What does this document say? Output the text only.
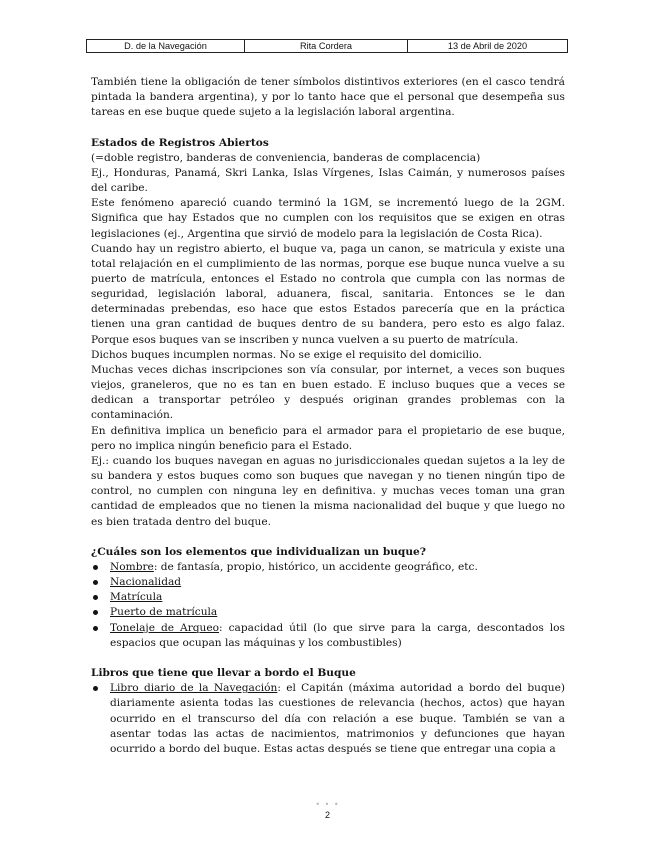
D. de la Navegación	Rita Cordera	13 de Abril de 2020

También tiene la obligación de tener símbolos distintivos exteriores (en el casco tendrá pintada la bandera argentina), y por lo tanto hace que el personal que desempeña sus tareas en ese buque quede sujeto a la legislación laboral argentina.

Estados de Registros Abiertos

(=doble registro, banderas de conveniencia, banderas de complacencia)

Ej., Honduras, Panamá, Skri Lanka, Islas Vírgenes, Islas Caimán, y numerosos países del caribe.

Este fenómeno apareció cuando terminó la 1GM, se incrementó luego de la 2GM. Significa que hay Estados que no cumplen con los requisitos que se exigen en otras legislaciones (ej., Argentina que sirvió de modelo para la legislación de Costa Rica).

Cuando hay un registro abierto, el buque va, paga un canon, se matricula y existe una total relajación en el cumplimiento de las normas, porque ese buque nunca vuelve a su puerto de matrícula, entonces el Estado no controla que cumpla con las normas de seguridad, legislación laboral, aduanera, fiscal, sanitaria. Entonces se le dan determinadas prebendas, eso hace que estos Estados parecería que en la práctica tienen una gran cantidad de buques dentro de su bandera, pero esto es algo falaz. Porque esos buques van se inscriben y nunca vuelven a su puerto de matrícula.

Dichos buques incumplen normas. No se exige el requisito del domicilio.

Muchas veces dichas inscripciones son vía consular, por internet, a veces son buques viejos, graneleros, que no es tan en buen estado. E incluso buques que a veces se dedican a transportar petróleo y después originan grandes problemas con la contaminación.

En definitiva implica un beneficio para el armador para el propietario de ese buque, pero no implica ningún beneficio para el Estado.

Ej.: cuando los buques navegan en aguas no jurisdiccionales quedan sujetos a la ley de su bandera y estos buques como son buques que navegan y no tienen ningún tipo de control, no cumplen con ninguna ley en definitiva. y muchas veces toman una gran cantidad de empleados que no tienen la misma nacionalidad del buque y que luego no es bien tratada dentro del buque.

¿Cuáles son los elementos que individualizan un buque?

Nombre: de fantasía, propio, histórico, un accidente geográfico, etc.
Nacionalidad
Matrícula
Puerto de matrícula
Tonelaje de Arqueo: capacidad útil (lo que sirve para la carga, descontados los espacios que ocupan las máquinas y los combustibles)

Libros que tiene que llevar a bordo el Buque

Libro diario de la Navegación: el Capitán (máxima autoridad a bordo del buque) diariamente asienta todas las cuestiones de relevancia (hechos, actos) que hayan ocurrido en el transcurso del día con relación a ese buque. También se van a asentar todas las actas de nacimientos, matrimonios y defunciones que hayan ocurrido a bordo del buque. Estas actas después se tiene que entregar una copia a
• • •
2
